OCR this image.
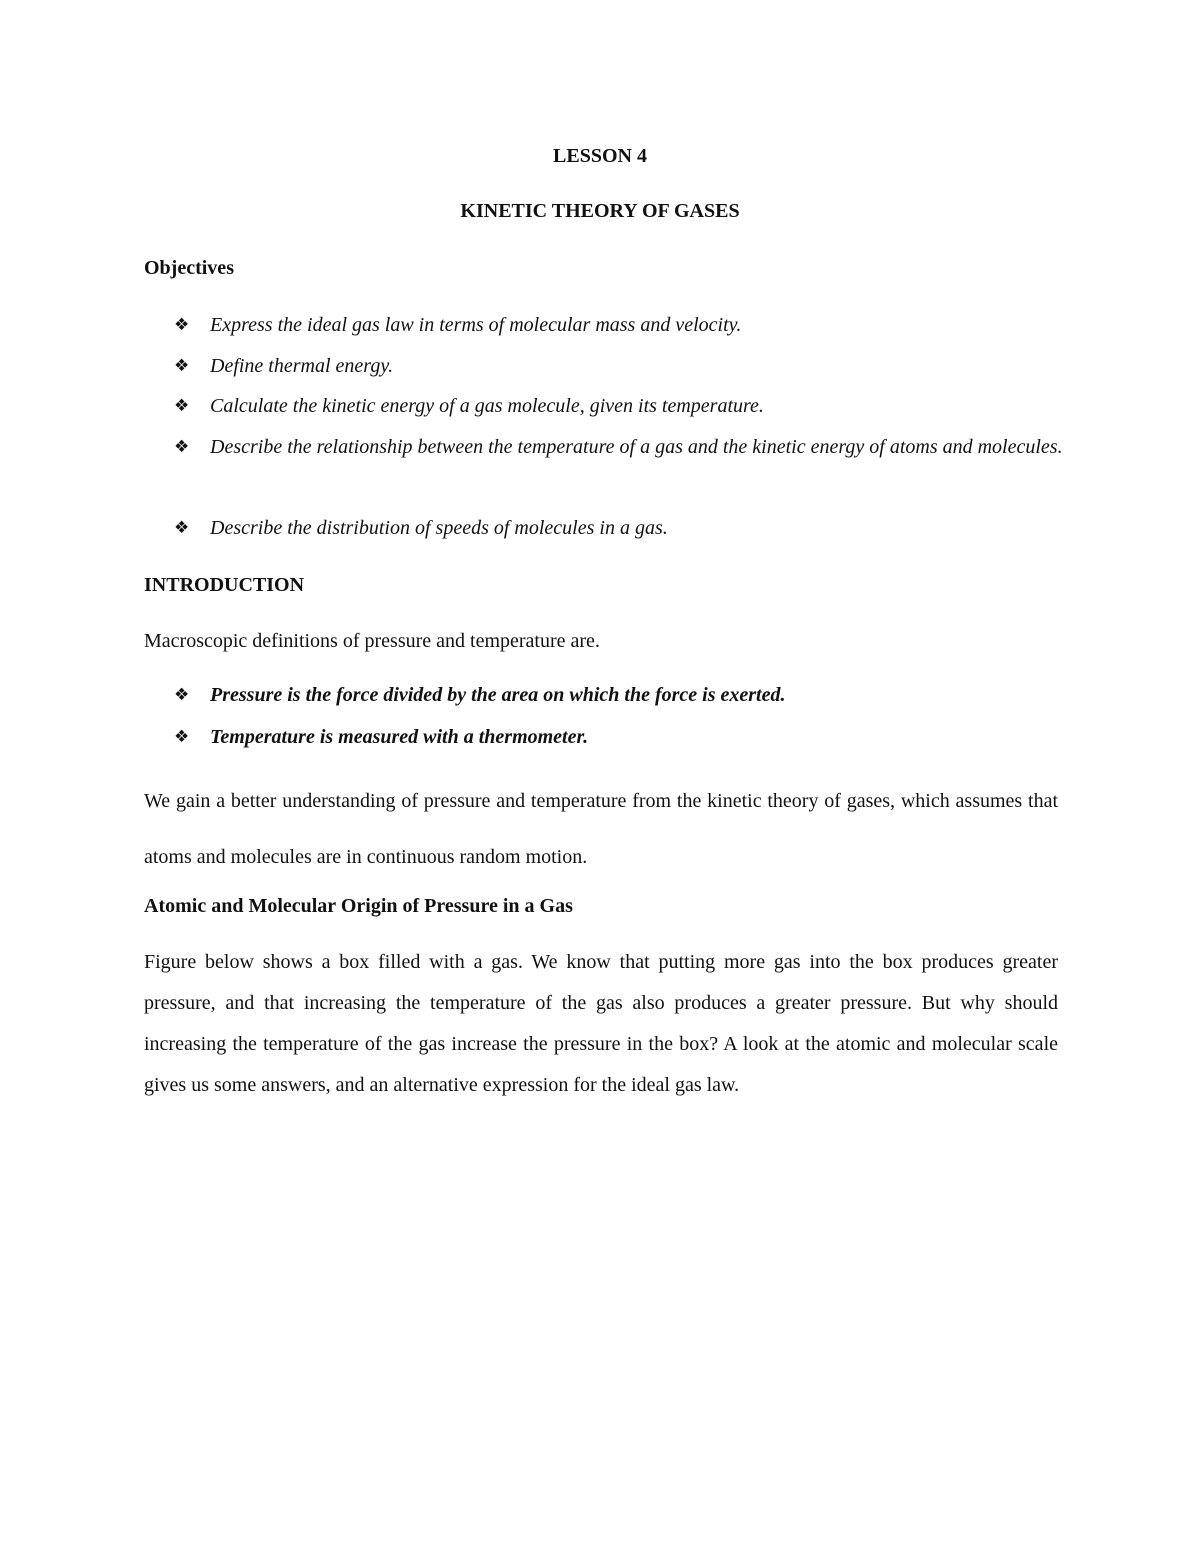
LESSON 4

KINETIC THEORY OF GASES

Objectives

❖	Express the ideal gas law in terms of molecular mass and velocity.
❖	Define thermal energy.
❖	Calculate the kinetic energy of a gas molecule, given its temperature.
❖	Describe the relationship between the temperature of a gas and the kinetic energy of atoms and molecules.
❖	Describe the distribution of speeds of molecules in a gas.

INTRODUCTION

Macroscopic definitions of pressure and temperature are.

❖	Pressure is the force divided by the area on which the force is exerted.
❖	Temperature is measured with a thermometer.

We gain a better understanding of pressure and temperature from the kinetic theory of gases, which assumes that atoms and molecules are in continuous random motion.

Atomic and Molecular Origin of Pressure in a Gas

Figure below shows a box filled with a gas. We know that putting more gas into the box produces greater pressure, and that increasing the temperature of the gas also produces a greater pressure. But why should increasing the temperature of the gas increase the pressure in the box? A look at the atomic and molecular scale gives us some answers, and an alternative expression for the ideal gas law.
